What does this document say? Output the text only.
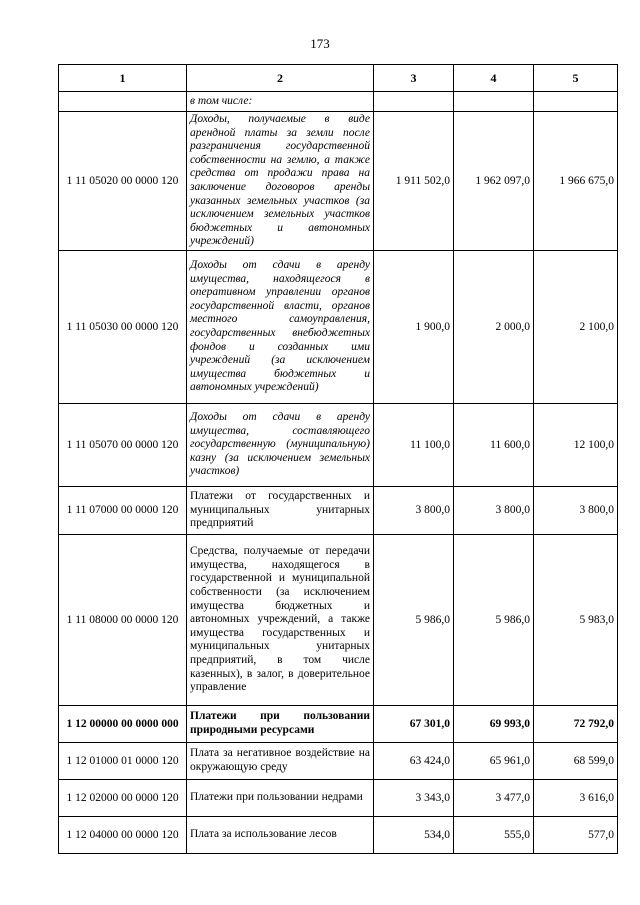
173
1	2	3	4	5
	в том числе:			
1 11 05020 00 0000 120	Доходы, получаемые в виде арендной платы за земли после разграничения государственной собственности на землю, а также средства от продажи права на заключение договоров аренды указанных земельных участков (за исключением земельных участков бюджетных и автономных учреждений)	1 911 502,0	1 962 097,0	1 966 675,0
1 11 05030 00 0000 120	Доходы от сдачи в аренду имущества, находящегося в оперативном управлении органов государственной власти, органов местного самоуправления, государственных внебюджетных фондов и созданных ими учреждений (за исключением имущества бюджетных и автономных учреждений)	1 900,0	2 000,0	2 100,0
1 11 05070 00 0000 120	Доходы от сдачи в аренду имущества, составляющего государственную (муниципальную) казну (за исключением земельных участков)	11 100,0	11 600,0	12 100,0
1 11 07000 00 0000 120	Платежи от государственных и муниципальных унитарных предприятий	3 800,0	3 800,0	3 800,0
1 11 08000 00 0000 120	Средства, получаемые от передачи имущества, находящегося в государственной и муниципальной собственности (за исключением имущества бюджетных и автономных учреждений, а также имущества государственных и муниципальных унитарных предприятий, в том числе казенных), в залог, в доверительное управление	5 986,0	5 986,0	5 983,0
1 12 00000 00 0000 000	Платежи при пользовании природными ресурсами	67 301,0	69 993,0	72 792,0
1 12 01000 01 0000 120	Плата за негативное воздействие на окружающую среду	63 424,0	65 961,0	68 599,0
1 12 02000 00 0000 120	Платежи при пользовании недрами	3 343,0	3 477,0	3 616,0
1 12 04000 00 0000 120	Плата за использование лесов	534,0	555,0	577,0
